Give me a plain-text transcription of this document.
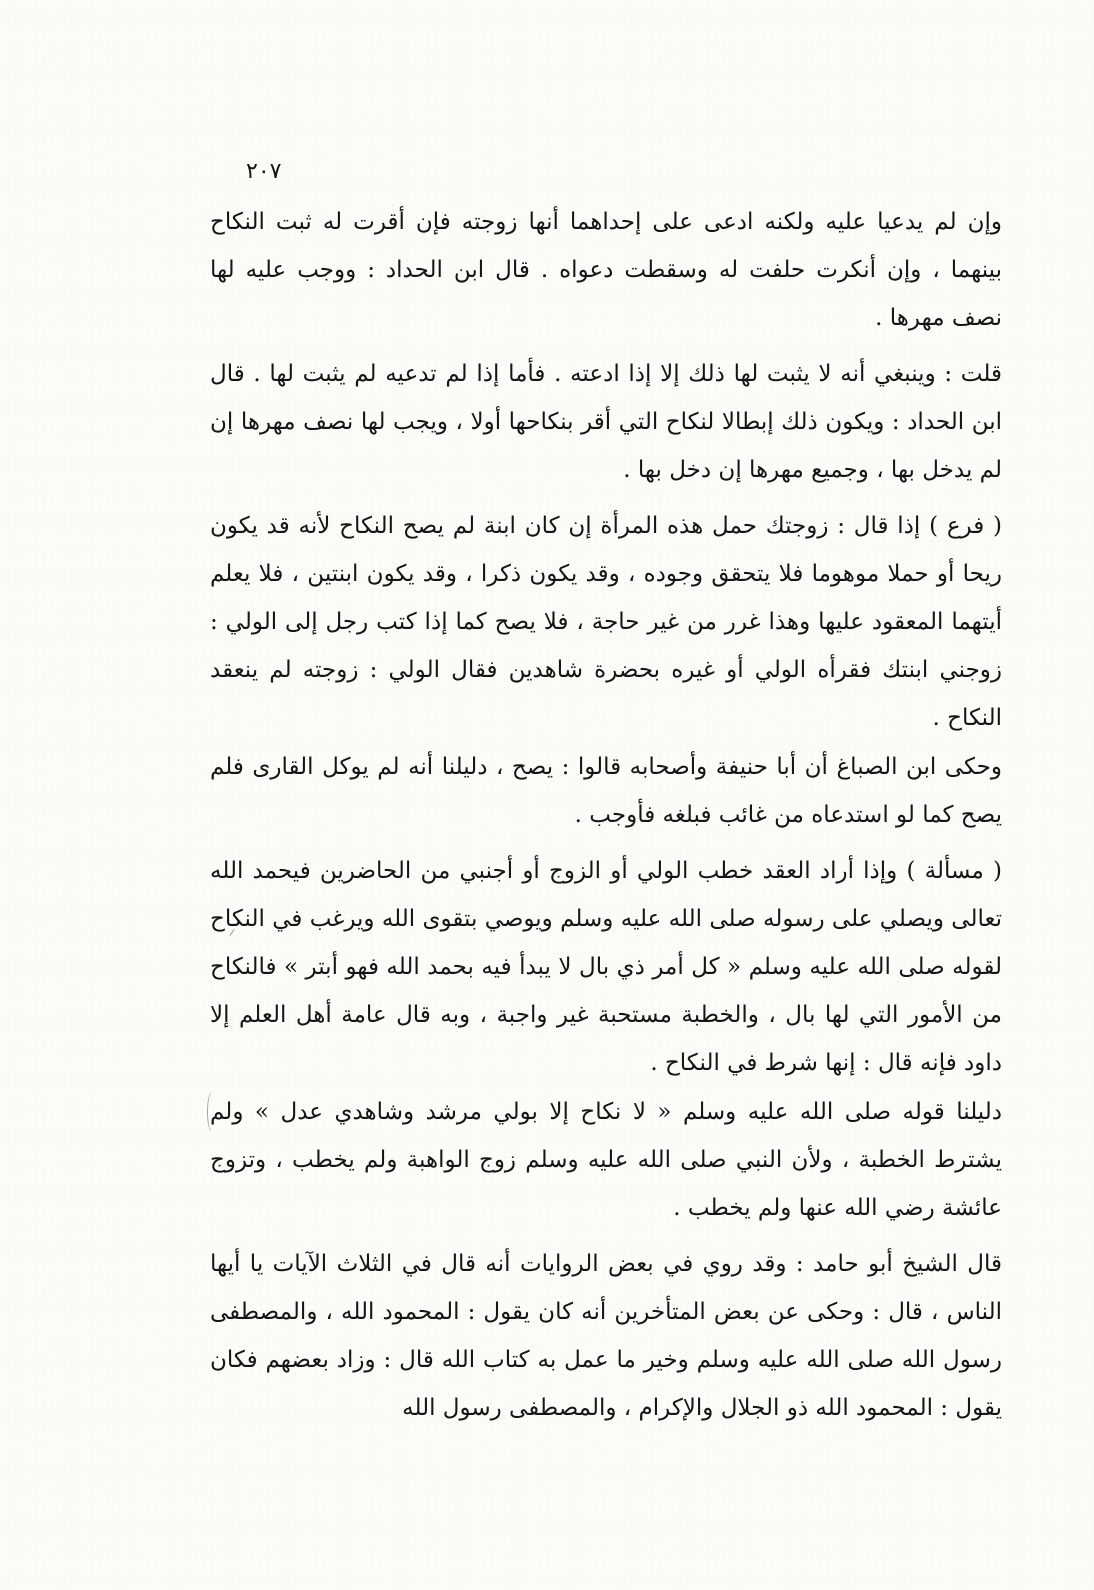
٢٠٧

وإن لم يدعيا عليه ولكنه ادعى على إحداهما أنها زوجته فإن أقرت له ثبت النكاح بينهما ، وإن أنكرت حلفت له وسقطت دعواه . قال ابن الحداد : ووجب عليه لها نصف مهرها .

قلت : وينبغي أنه لا يثبت لها ذلك إلا إذا ادعته . فأما إذا لم تدعيه لم يثبت لها . قال ابن الحداد : ويكون ذلك إبطالا لنكاح التي أقر بنكاحها أولا ، ويجب لها نصف مهرها إن لم يدخل بها ، وجميع مهرها إن دخل بها .

( فرع ) إذا قال : زوجتك حمل هذه المرأة إن كان ابنة لم يصح النكاح لأنه قد يكون ريحا أو حملا موهوما فلا يتحقق وجوده ، وقد يكون ذكرا ، وقد يكون ابنتين ، فلا يعلم أيتهما المعقود عليها وهذا غرر من غير حاجة ، فلا يصح كما إذا كتب رجل إلى الولي : زوجني ابنتك فقرأه الولي أو غيره بحضرة شاهدين فقال الولي : زوجته لم ينعقد النكاح .

وحكى ابن الصباغ أن أبا حنيفة وأصحابه قالوا : يصح ، دليلنا أنه لم يوكل القارى فلم يصح كما لو استدعاه من غائب فبلغه فأوجب .

( مسألة ) وإذا أراد العقد خطب الولي أو الزوج أو أجنبي من الحاضرين فيحمد الله تعالى ويصلي على رسوله صلى الله عليه وسلم ويوصي بتقوى الله ويرغب في النكاح لقوله صلى الله عليه وسلم « كل أمر ذي بال لا يبدأ فيه بحمد الله فهو أبتر » فالنكاح من الأمور التي لها بال ، والخطبة مستحبة غير واجبة ، وبه قال عامة أهل العلم إلا داود فإنه قال : إنها شرط في النكاح .

دليلنا قوله صلى الله عليه وسلم « لا نكاح إلا بولي مرشد وشاهدي عدل » ولم يشترط الخطبة ، ولأن النبي صلى الله عليه وسلم زوج الواهبة ولم يخطب ، وتزوج عائشة رضي الله عنها ولم يخطب .

قال الشيخ أبو حامد : وقد روي في بعض الروايات أنه قال في الثلاث الآيات يا أيها الناس ، قال : وحكى عن بعض المتأخرين أنه كان يقول : المحمود الله ، والمصطفى رسول الله صلى الله عليه وسلم وخير ما عمل به كتاب الله قال : وزاد بعضهم فكان يقول : المحمود الله ذو الجلال والإكرام ، والمصطفى رسول الله
